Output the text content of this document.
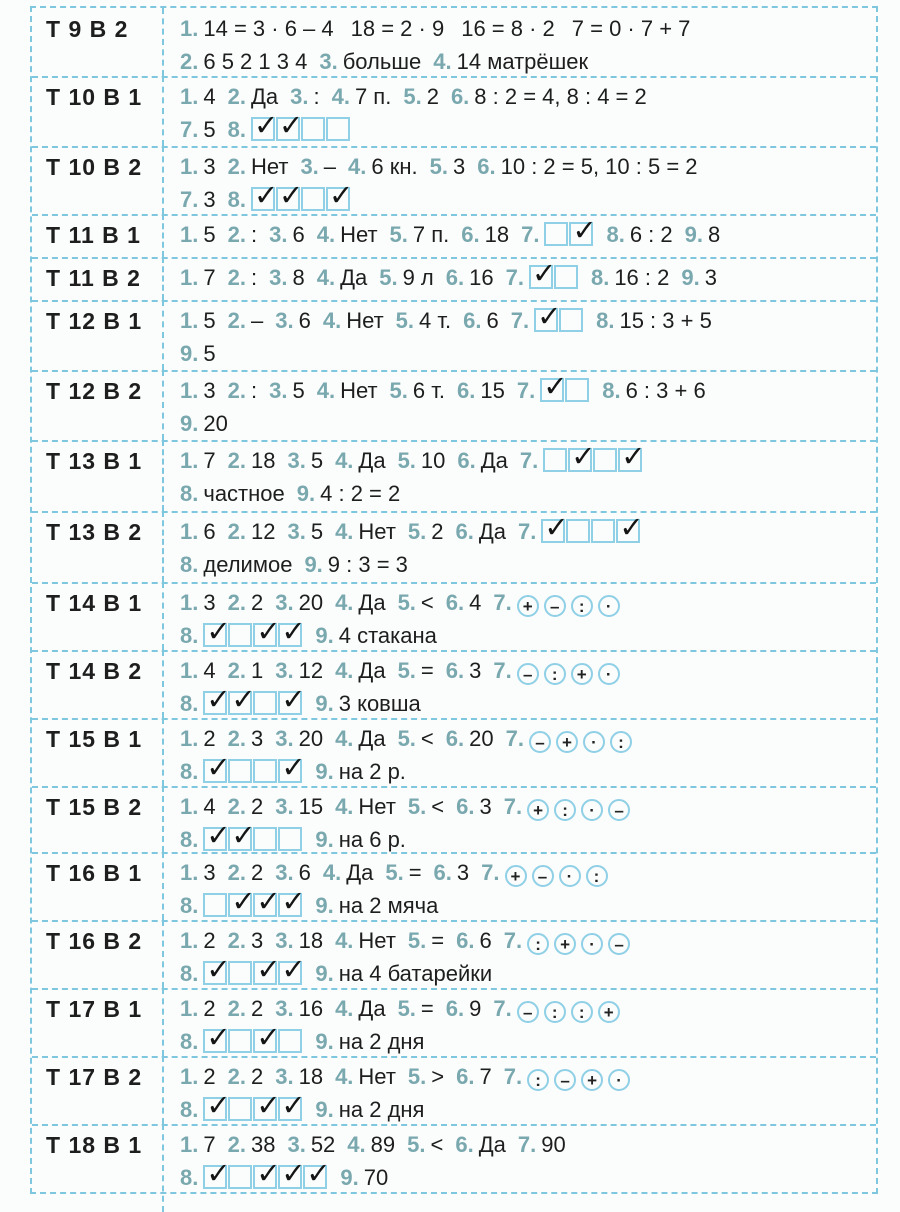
T 9 B 2	1. 14 = 3 · 6 – 4 18 = 2 · 9 16 = 8 · 2 7 = 0 · 7 + 7
2. 6 5 2 1 3 4 3. больше 4. 14 матрёшек
T 10 B 1	1. 4 2. Да 3. : 4. 7 п. 5. 2 6. 8 : 2 = 4, 8 : 4 = 2
7. 5 8.✓✓
T 10 B 2	1. 3 2. Нет 3. – 4. 6 кн. 5. 3 6. 10 : 2 = 5, 10 : 5 = 2
7. 3 8.✓✓✓
T 11 B 1	1. 5 2. : 3. 6 4. Нет 5. 7 п. 6. 18 7. ✓	8. 6 : 2 9. 8
T 11 B 2	1. 7 2. : 3. 8 4. Да 5. 9 л 6. 16 7. ✓	8. 16 : 2 9. 3
T 12 B 1	1. 5 2. – 3. 6 4. Нет 5. 4 т. 6. 6 7. ✓	8. 15 : 3 + 5
9. 5
T 12 B 2	1. 3 2. : 3. 5 4. Нет 5. 6 т. 6. 15 7. ✓	8. 6 : 3 + 6
9. 20
T 13 B 1	1. 7 2. 18 3. 5 4. Да 5. 10 6. Да 7.✓✓
8. частное 9. 4 : 2 = 2
T 13 B 2	1. 6 2. 12 3. 5 4. Нет 5. 2 6. Да 7.✓✓
8. делимое 9. 9 : 3 = 3
T 14 B 1	1. 3 2. 2 3. 20 4. Да 5. < 6. 4 7. + – : ·
8. ✓ ✓ ✓	9. 4 стакана
T 14 B 2	1. 4 2. 1 3. 12 4. Да 5. = 6. 3 7. – : + ·
8. ✓ ✓ ✓	9. 3 ковша
T 15 B 1	1. 2 2. 3 3. 20 4. Да 5. < 6. 20 7. – + · :
8. ✓ ✓	9. на 2 р.
T 15 B 2	1. 4 2. 2 3. 15 4. Нет 5. < 6. 3 7. + : · –
8. ✓ ✓	9. на 6 р.
T 16 B 1	1. 3 2. 2 3. 6 4. Да 5. = 6. 3 7. + – · :
8. ✓ ✓ ✓	9. на 2 мяча
T 16 B 2	1. 2 2. 3 3. 18 4. Нет 5. = 6. 6 7. : + · –
8. ✓ ✓ ✓	9. на 4 батарейки
T 17 B 1	1. 2 2. 2 3. 16 4. Да 5. = 6. 9 7. – : : +
8. ✓ ✓	9. на 2 дня
T 17 B 2	1. 2 2. 2 3. 18 4. Нет 5. > 6. 7 7. : – + ·
8. ✓ ✓ ✓	9. на 2 дня
T 18 B 1	1. 7 2. 38 3. 52 4. 89 5. < 6. Да 7. 90
8. ✓ ✓ ✓ ✓	9. 70
